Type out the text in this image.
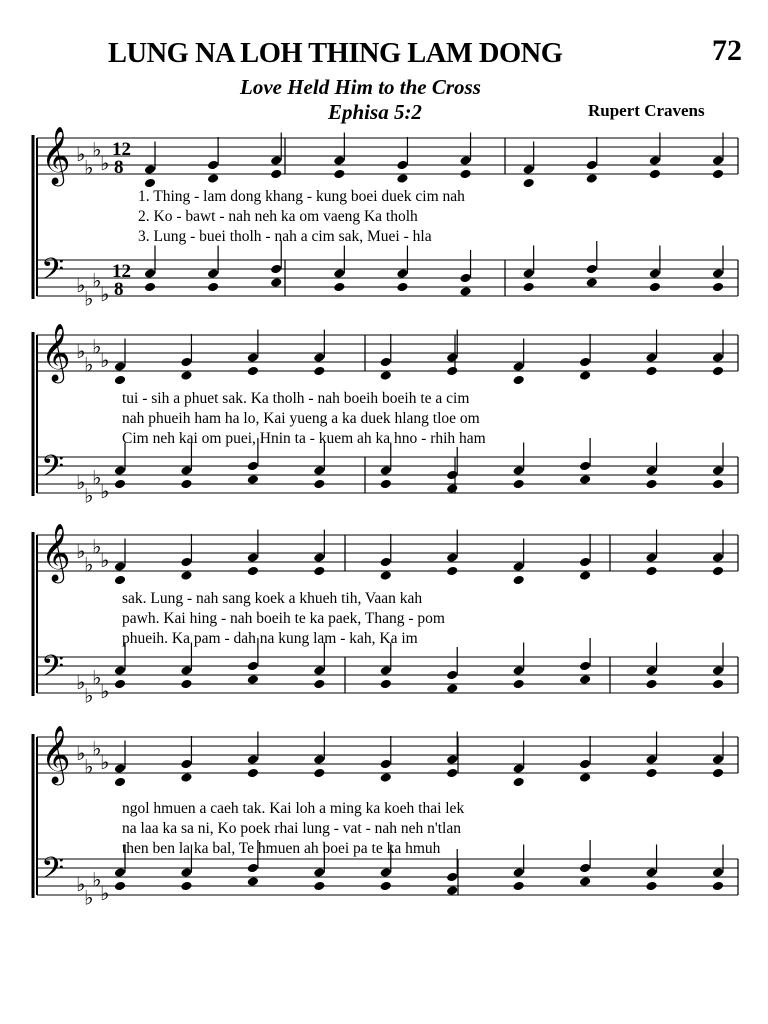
LUNG NA LOH THING LAM DONG	72
Love Held Him to the Cross
Ephisa 5:2	Rupert Cravens
𝄞 ♭
♭
♭
♭
12
8
𝄢 ♭
♭
♭
♭
12
8
𝄞 ♭
♭
♭
♭
𝄢 ♭
♭
♭
♭
𝄞 ♭
♭
♭
♭
𝄢 ♭
♭
♭
♭
𝄞 ♭
♭
♭
♭
𝄢 ♭
♭
♭
♭
1. Thing - lam dong khang - kung boei duek cim nah
2. Ko - bawt - nah neh ka om vaeng Ka tholh
3. Lung - buei tholh - nah a cim sak, Muei - hla
tui - sih a phuet sak. Ka tholh - nah boeih boeih te a cim
nah phueih ham ha lo, Kai yueng a ka duek hlang tloe om
Cim neh kai om puei, Hnin ta - kuem ah ka hno - rhih ham
sak. Lung - nah sang koek a khueh tih, Vaan kah
pawh. Kai hing - nah boeih te ka paek, Thang - pom
phueih. Ka pam - dah na kung lam - kah, Ka im
ngol hmuen a caeh tak. Kai loh a ming ka koeh thai lek
na laa ka sa ni, Ko poek rhai lung - vat - nah neh n'tlan
then ben la ka bal, Te hmuen ah boei pa te ka hmuh
